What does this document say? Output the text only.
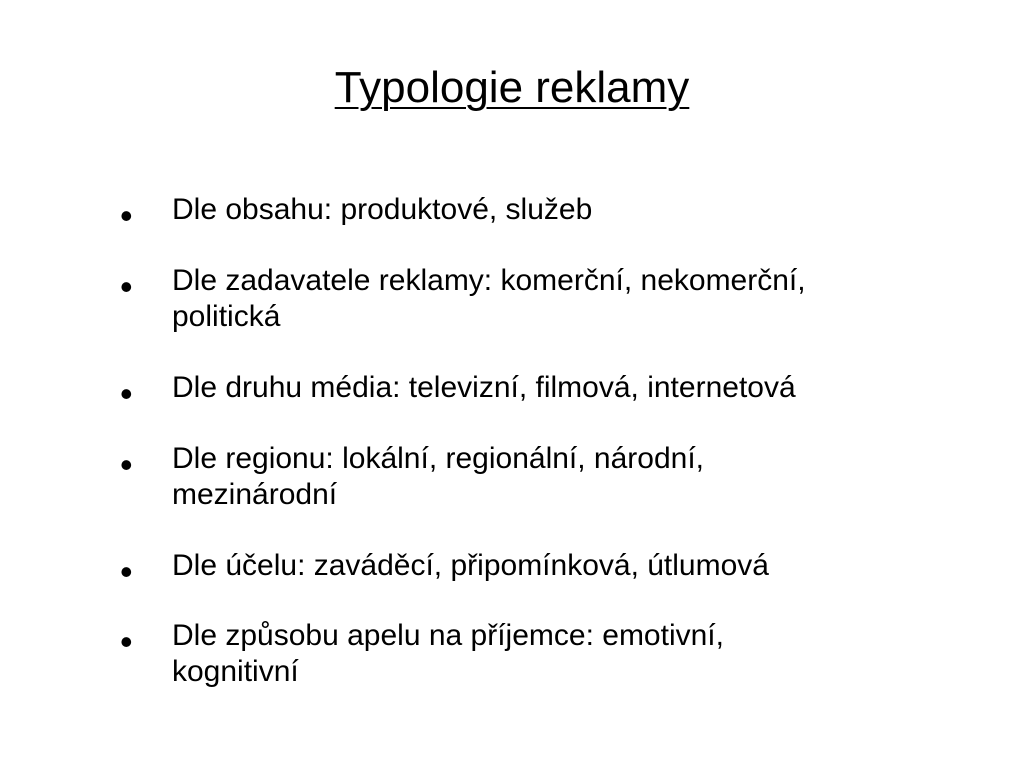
Typologie reklamy
• Dle obsahu: produktové, služeb
• Dle zadavatele reklamy: komerční, nekomerční,
politická
• Dle druhu média: televizní, filmová, internetová
• Dle regionu: lokální, regionální, národní,
mezinárodní
• Dle účelu: zaváděcí, připomínková, útlumová
• Dle způsobu apelu na příjemce: emotivní,
kognitivní
